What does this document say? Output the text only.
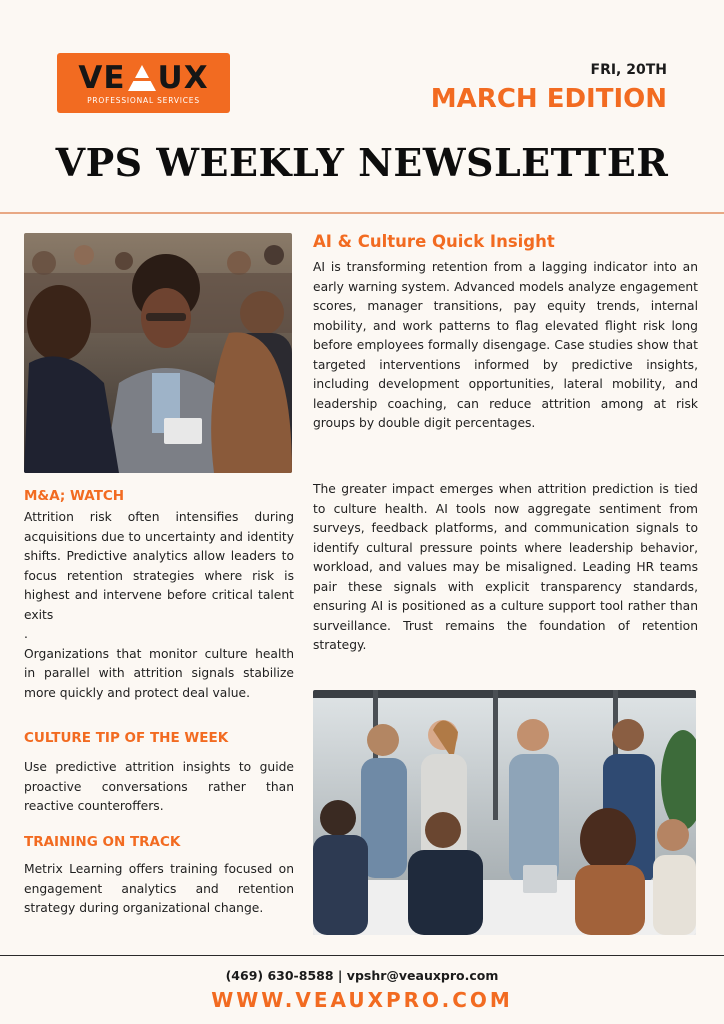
VE UX
PROFESSIONAL SERVICES
FRI, 20TH
MARCH EDITION
VPS WEEKLY NEWSLETTER
M&A; WATCH
Attrition risk often intensifies during acquisitions due to uncertainty and identity shifts. Predictive analytics allow leaders to focus retention strategies where risk is highest and intervene before critical talent exits
.
Organizations that monitor culture health in parallel with attrition signals stabilize more quickly and protect deal value.
CULTURE TIP OF THE WEEK
Use predictive attrition insights to guide proactive conversations rather than reactive counteroffers.
TRAINING ON TRACK
Metrix Learning offers training focused on engagement analytics and retention strategy during organizational change.
AI & Culture Quick Insight
AI is transforming retention from a lagging indicator into an early warning system. Advanced models analyze engagement scores, manager transitions, pay equity trends, internal mobility, and work patterns to flag elevated flight risk long before employees formally disengage. Case studies show that targeted interventions informed by predictive insights, including development opportunities, lateral mobility, and leadership coaching, can reduce attrition among at risk groups by double digit percentages.
The greater impact emerges when attrition prediction is tied to culture health. AI tools now aggregate sentiment from surveys, feedback platforms, and communication signals to identify cultural pressure points where leadership behavior, workload, and values may be misaligned. Leading HR teams pair these signals with explicit transparency standards, ensuring AI is positioned as a culture support tool rather than surveillance. Trust remains the foundation of retention strategy.
(469) 630-8588 | vpshr@veauxpro.com
WWW.VEAUXPRO.COM
